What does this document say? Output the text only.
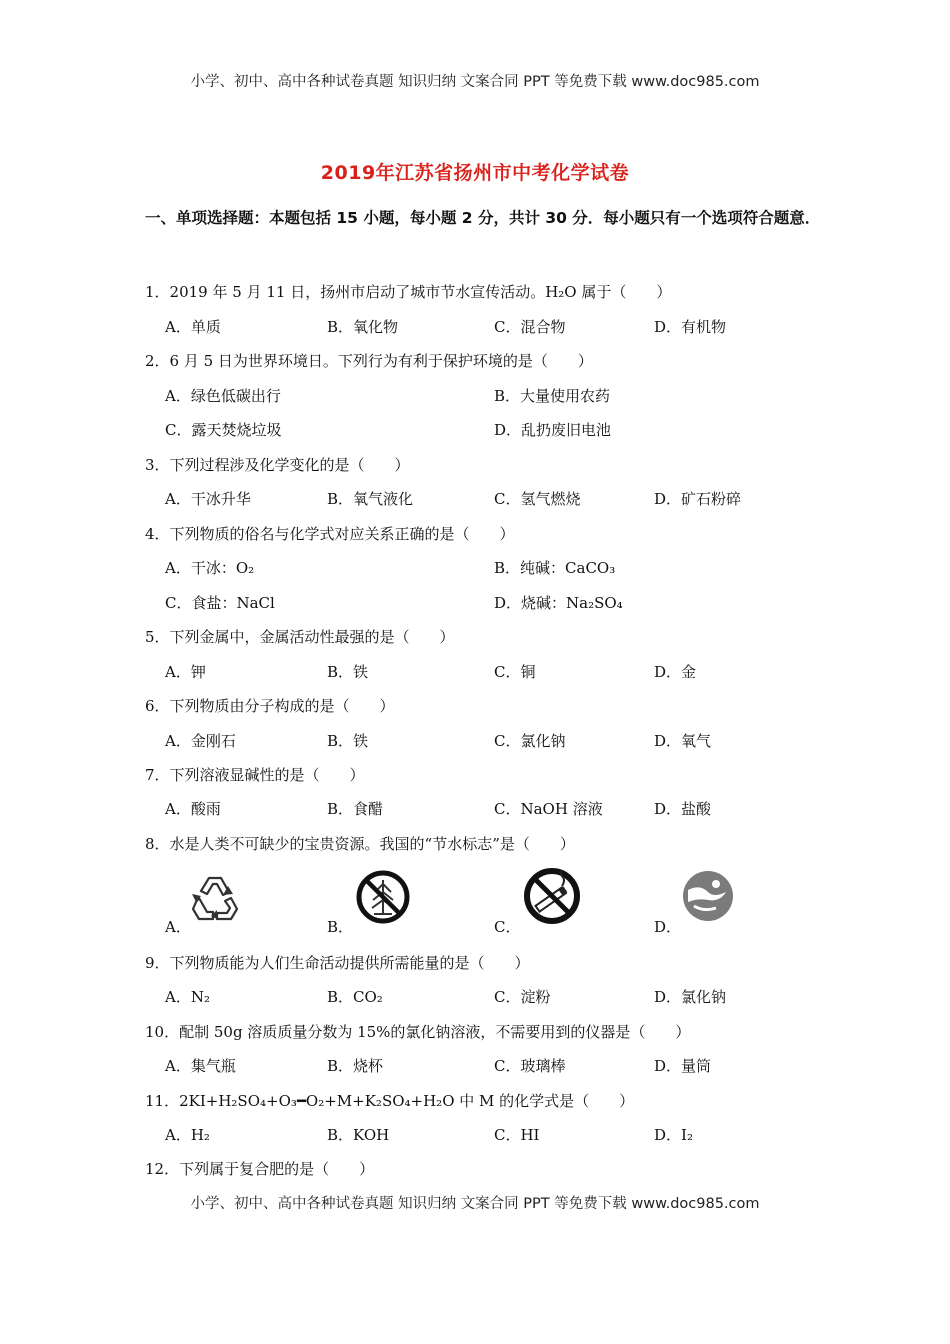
小学、初中、高中各种试卷真题 知识归纳 文案合同 PPT 等免费下载 www.doc985.com
2019年江苏省扬州市中考化学试卷
一、单项选择题：本题包括 15 小题，每小题 2 分，共计 30 分．每小题只有一个选项符合题意．
1．2019 年 5 月 11 日，扬州市启动了城市节水宣传活动。H₂O 属于（　　）
A．单质	B．氧化物	C．混合物	D．有机物
2．6 月 5 日为世界环境日。下列行为有利于保护环境的是（　　）
A．绿色低碳出行	B．大量使用农药
C．露天焚烧垃圾	D．乱扔废旧电池
3．下列过程涉及化学变化的是（　　）
A．干冰升华	B．氧气液化	C．氢气燃烧	D．矿石粉碎
4．下列物质的俗名与化学式对应关系正确的是（　　）
A．干冰：O₂	B．纯碱：CaCO₃
C．食盐：NaCl	D．烧碱：Na₂SO₄
5．下列金属中，金属活动性最强的是（　　）
A．钾	B．铁	C．铜	D．金
6．下列物质由分子构成的是（　　）
A．金刚石	B．铁	C．氯化钠	D．氧气
7．下列溶液显碱性的是（　　）
A．酸雨	B．食醋	C．NaOH 溶液	D．盐酸
8．水是人类不可缺少的宝贵资源。我国的“节水标志”是（　　）
A．	B．	C．	D．
9．下列物质能为人们生命活动提供所需能量的是（　　）
A．N₂	B．CO₂	C．淀粉	D．氯化钠
10．配制 50g 溶质质量分数为 15%的氯化钠溶液，不需要用到的仪器是（　　）
A．集气瓶	B．烧杯	C．玻璃棒	D．量筒
11．2KI+H₂SO₄+O₃━O₂+M+K₂SO₄+H₂O 中 M 的化学式是（　　）
A．H₂	B．KOH	C．HI	D．I₂
12．下列属于复合肥的是（　　）
小学、初中、高中各种试卷真题 知识归纳 文案合同 PPT 等免费下载 www.doc985.com
